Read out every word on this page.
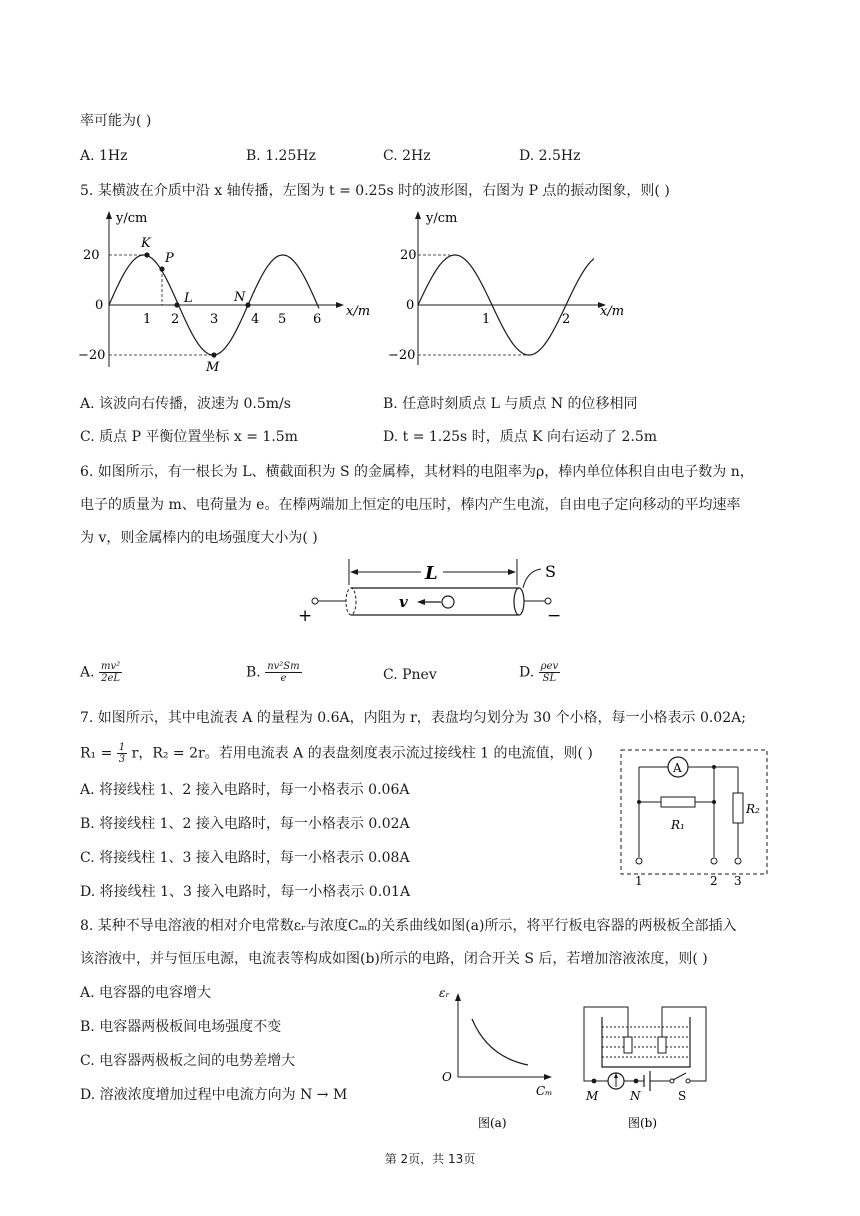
率可能为( )
A. 1Hz	B. 1.25Hz	C. 2Hz	D. 2.5Hz
5. 某横波在介质中沿 x 轴传播，左图为 t = 0.25s 时的波形图，右图为 P 点的振动图象，则( )
y/cm
x/m
20
0
−20
1 2 3	4 5 6
K
P
L	N
M
y/cm
x/m
20
0
−20
1	2
A. 该波向右传播，波速为 0.5m/s	B. 任意时刻质点 L 与质点 N 的位移相同
C. 质点 P 平衡位置坐标 x = 1.5m	D. t = 1.25s 时，质点 K 向右运动了 2.5m
6. 如图所示，有一根长为 L、横截面积为 S 的金属棒，其材料的电阻率为ρ，棒内单位体积自由电子数为 n，
电子的质量为 m、电荷量为 e。在棒两端加上恒定的电压时，棒内产生电流，自由电子定向移动的平均速率
为 v，则金属棒内的电场强度大小为( )
L	S
v
+	−
A. $\frac{\text{mv²}}{2eL}$	B. $\frac{\text{nv²Sm}}{e}$	C. Pnev	D. $\frac{\text{ρev}}{SL}$
7. 如图所示，其中电流表 A 的量程为 0.6A，内阻为 r，表盘均匀划分为 30 个小格，每一小格表示 0.02A;
$R_1 = \frac{1}{3}$ r，R₂ = 2r。若用电流表 A 的表盘刻度表示流过接线柱 1 的电流值，则( )
A. 将接线柱 1、2 接入电路时，每一小格表示 0.06A
B. 将接线柱 1、2 接入电路时，每一小格表示 0.02A
C. 将接线柱 1、3 接入电路时，每一小格表示 0.08A
D. 将接线柱 1、3 接入电路时，每一小格表示 0.01A
A
R₁
R₂
1	2 3
8. 某种不导电溶液的相对介电常数εᵣ与浓度Cₘ的关系曲线如图(a)所示，将平行板电容器的两极板全部插入
该溶液中，并与恒压电源，电流表等构成如图(b)所示的电路，闭合开关 S 后，若增加溶液浓度，则( )
A. 电容器的电容增大
B. 电容器两极板间电场强度不变
C. 电容器两极板之间的电势差增大
D. 溶液浓度增加过程中电流方向为 N → M
εᵣ
Cₘ
O
图(a)
M	N	S
图(b)
第 2页，共 13页
